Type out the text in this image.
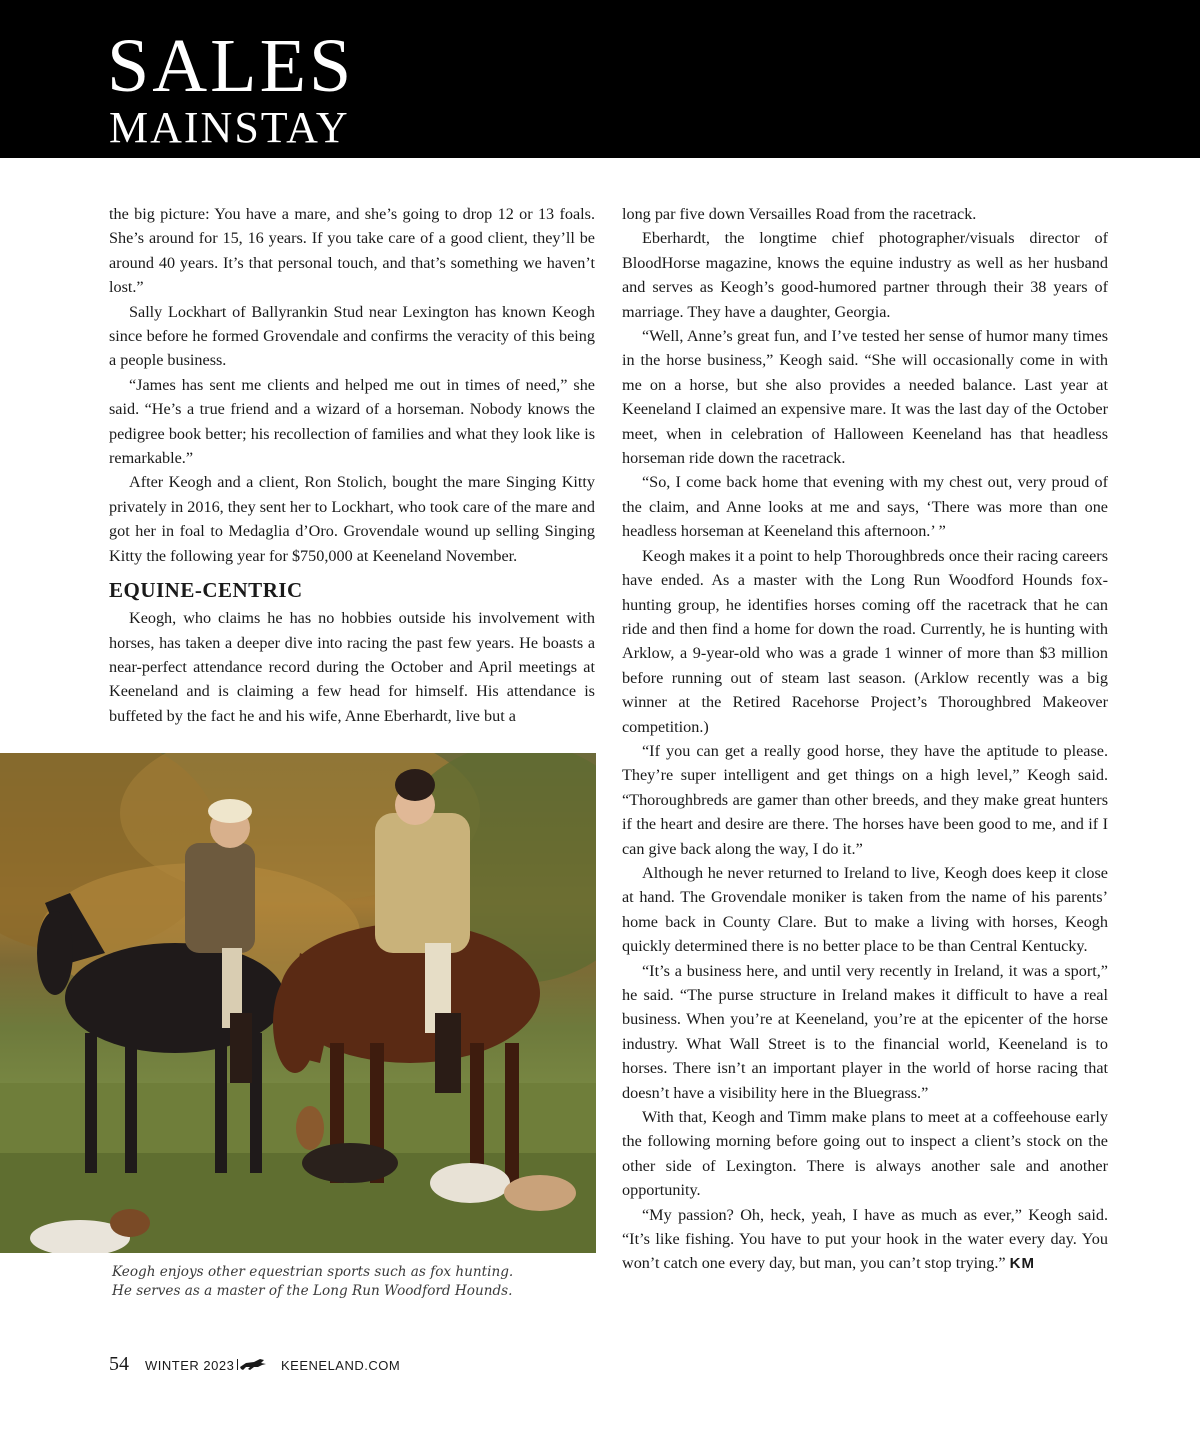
SALES
MAINSTAY

the big picture: You have a mare, and she’s going to drop 12 or 13 foals. She’s around for 15, 16 years. If you take care of a good client, they’ll be around 40 years. It’s that personal touch, and that’s something we haven’t lost.”

Sally Lockhart of Ballyrankin Stud near Lexington has known Keogh since before he formed Grovendale and confirms the veracity of this being a people business.

“James has sent me clients and helped me out in times of need,” she said. “He’s a true friend and a wizard of a horseman. Nobody knows the pedigree book better; his recollection of families and what they look like is remarkable.”

After Keogh and a client, Ron Stolich, bought the mare Singing Kitty privately in 2016, they sent her to Lockhart, who took care of the mare and got her in foal to Medaglia d’Oro. Grovendale wound up selling Singing Kitty the following year for $750,000 at Keeneland November.

EQUINE-CENTRIC

Keogh, who claims he has no hobbies outside his involvement with horses, has taken a deeper dive into racing the past few years. He boasts a near-perfect attendance record during the October and April meetings at Keeneland and is claiming a few head for himself. His attendance is buffeted by the fact he and his wife, Anne Eberhardt, live but a

Keogh enjoys other equestrian sports such as fox hunting.
He serves as a master of the Long Run Woodford Hounds.

long par five down Versailles Road from the racetrack.

Eberhardt, the longtime chief photographer/visuals director of BloodHorse magazine, knows the equine industry as well as her husband and serves as Keogh’s good-humored partner through their 38 years of marriage. They have a daughter, Georgia.

“Well, Anne’s great fun, and I’ve tested her sense of humor many times in the horse business,” Keogh said. “She will occasionally come in with me on a horse, but she also provides a needed balance. Last year at Keeneland I claimed an expensive mare. It was the last day of the October meet, when in celebration of Halloween Keeneland has that headless horseman ride down the racetrack.

“So, I come back home that evening with my chest out, very proud of the claim, and Anne looks at me and says, ‘There was more than one headless horseman at Keeneland this afternoon.’ ”

Keogh makes it a point to help Thoroughbreds once their racing careers have ended. As a master with the Long Run Woodford Hounds fox-hunting group, he identifies horses coming off the racetrack that he can ride and then find a home for down the road. Currently, he is hunting with Arklow, a 9-year-old who was a grade 1 winner of more than $3 million before running out of steam last season. (Arklow recently was a big winner at the Retired Racehorse Project’s Thoroughbred Makeover competition.)

“If you can get a really good horse, they have the aptitude to please. They’re super intelligent and get things on a high level,” Keogh said. “Thoroughbreds are gamer than other breeds, and they make great hunters if the heart and desire are there. The horses have been good to me, and if I can give back along the way, I do it.”

Although he never returned to Ireland to live, Keogh does keep it close at hand. The Grovendale moniker is taken from the name of his parents’ home back in County Clare. But to make a living with horses, Keogh quickly determined there is no better place to be than Central Kentucky.

“It’s a business here, and until very recently in Ireland, it was a sport,” he said. “The purse structure in Ireland makes it difficult to have a real business. When you’re at Keeneland, you’re at the epicenter of the horse industry. What Wall Street is to the financial world, Keeneland is to horses. There isn’t an important player in the world of horse racing that doesn’t have a visibility here in the Bluegrass.”

With that, Keogh and Timm make plans to meet at a coffeehouse early the following morning before going out to inspect a client’s stock on the other side of Lexington. There is always another sale and another opportunity.

“My passion? Oh, heck, yeah, I have as much as ever,” Keogh said. “It’s like fishing. You have to put your hook in the water every day. You won’t catch one every day, but man, you can’t stop trying.” KM

54 WINTER 2023	KEENELAND.COM
